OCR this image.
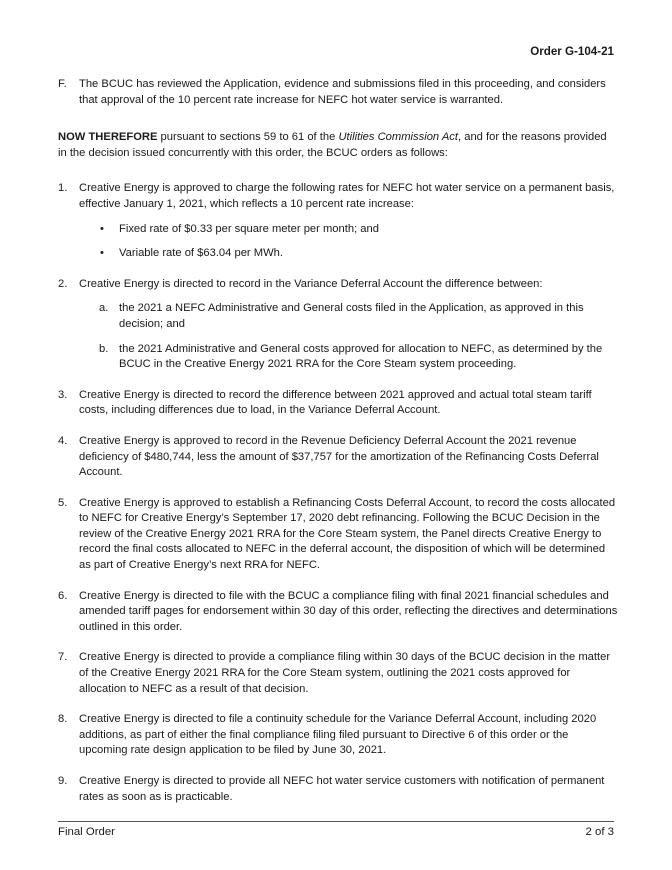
Order G-104-21
F. The BCUC has reviewed the Application, evidence and submissions filed in this proceeding, and considers that approval of the 10 percent rate increase for NEFC hot water service is warranted.

NOW THEREFORE pursuant to sections 59 to 61 of the Utilities Commission Act, and for the reasons provided in the decision issued concurrently with this order, the BCUC orders as follows:

1. Creative Energy is approved to charge the following rates for NEFC hot water service on a permanent basis, effective January 1, 2021, which reflects a 10 percent rate increase:
• Fixed rate of $0.33 per square meter per month; and
• Variable rate of $63.04 per MWh.
2. Creative Energy is directed to record in the Variance Deferral Account the difference between:
a. the 2021 a NEFC Administrative and General costs filed in the Application, as approved in this decision; and
b. the 2021 Administrative and General costs approved for allocation to NEFC, as determined by the BCUC in the Creative Energy 2021 RRA for the Core Steam system proceeding.
3. Creative Energy is directed to record the difference between 2021 approved and actual total steam tariff costs, including differences due to load, in the Variance Deferral Account.
4. Creative Energy is approved to record in the Revenue Deficiency Deferral Account the 2021 revenue deficiency of $480,744, less the amount of $37,757 for the amortization of the Refinancing Costs Deferral Account.
5. Creative Energy is approved to establish a Refinancing Costs Deferral Account, to record the costs allocated to NEFC for Creative Energy’s September 17, 2020 debt refinancing. Following the BCUC Decision in the review of the Creative Energy 2021 RRA for the Core Steam system, the Panel directs Creative Energy to record the final costs allocated to NEFC in the deferral account, the disposition of which will be determined as part of Creative Energy’s next RRA for NEFC.
6. Creative Energy is directed to file with the BCUC a compliance filing with final 2021 financial schedules and amended tariff pages for endorsement within 30 day of this order, reflecting the directives and determinations outlined in this order.
7. Creative Energy is directed to provide a compliance filing within 30 days of the BCUC decision in the matter of the Creative Energy 2021 RRA for the Core Steam system, outlining the 2021 costs approved for allocation to NEFC as a result of that decision.
8. Creative Energy is directed to file a continuity schedule for the Variance Deferral Account, including 2020 additions, as part of either the final compliance filing filed pursuant to Directive 6 of this order or the upcoming rate design application to be filed by June 30, 2021.
9. Creative Energy is directed to provide all NEFC hot water service customers with notification of permanent rates as soon as is practicable.
Final Order	2 of 3
